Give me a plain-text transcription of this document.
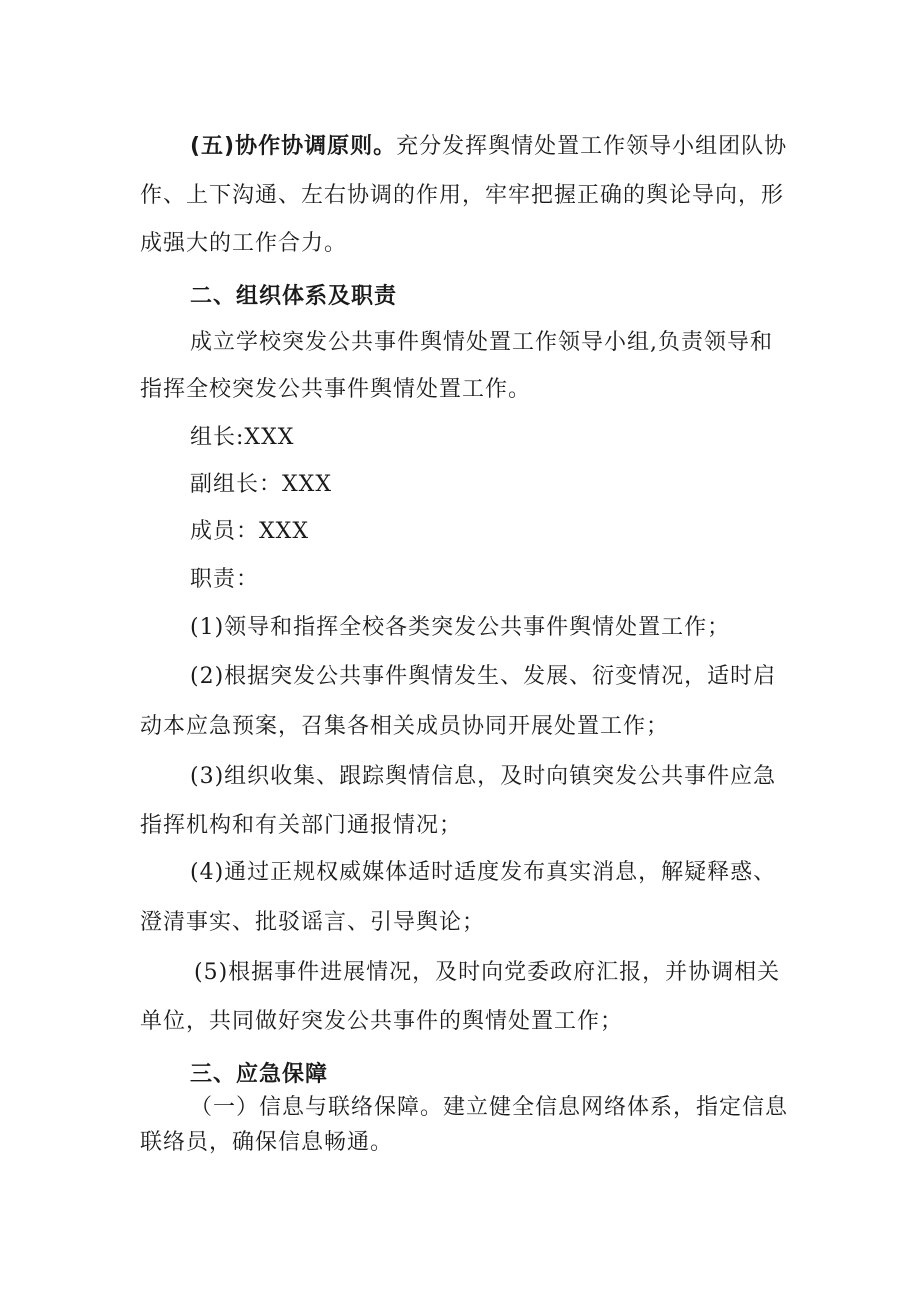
(五)协作协调原则。充分发挥舆情处置工作领导小组团队协
作、上下沟通、左右协调的作用，牢牢把握正确的舆论导向，形
成强大的工作合力。
二、组织体系及职责
成立学校突发公共事件舆情处置工作领导小组,负责领导和
指挥全校突发公共事件舆情处置工作。
组长:XXX
副组长：XXX
成员：XXX
职责：
(1)领导和指挥全校各类突发公共事件舆情处置工作；
(2)根据突发公共事件舆情发生、发展、衍变情况，适时启
动本应急预案，召集各相关成员协同开展处置工作；
(3)组织收集、跟踪舆情信息，及时向镇突发公共事件应急
指挥机构和有关部门通报情况；
(4)通过正规权威媒体适时适度发布真实消息，解疑释惑、
澄清事实、批驳谣言、引导舆论；
(5)根据事件进展情况，及时向党委政府汇报，并协调相关
单位，共同做好突发公共事件的舆情处置工作；
三、应急保障
（一）信息与联络保障。建立健全信息网络体系，指定信息
联络员，确保信息畅通。
